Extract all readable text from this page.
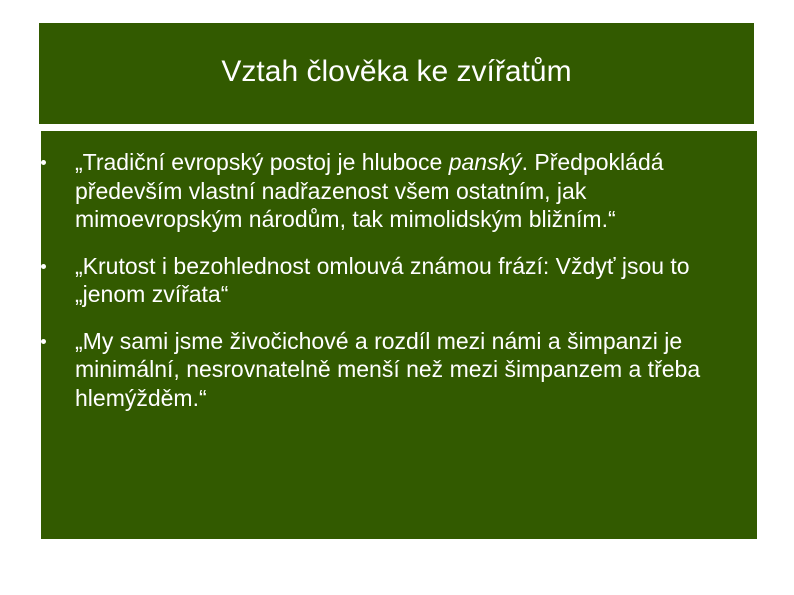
Vztah člověka ke zvířatům
„Tradiční evropský postoj je hluboce panský. Předpokládá především vlastní nadřazenost všem ostatním, jak mimoevropským národům, tak mimolidským bližním.“
„Krutost i bezohlednost omlouvá známou frází: Vždyť jsou to „jenom zvířata“
„My sami jsme živočichové a rozdíl mezi námi a šimpanzi je minimální, nesrovnatelně menší než mezi šimpanzem a třeba hlemýžděm.“
